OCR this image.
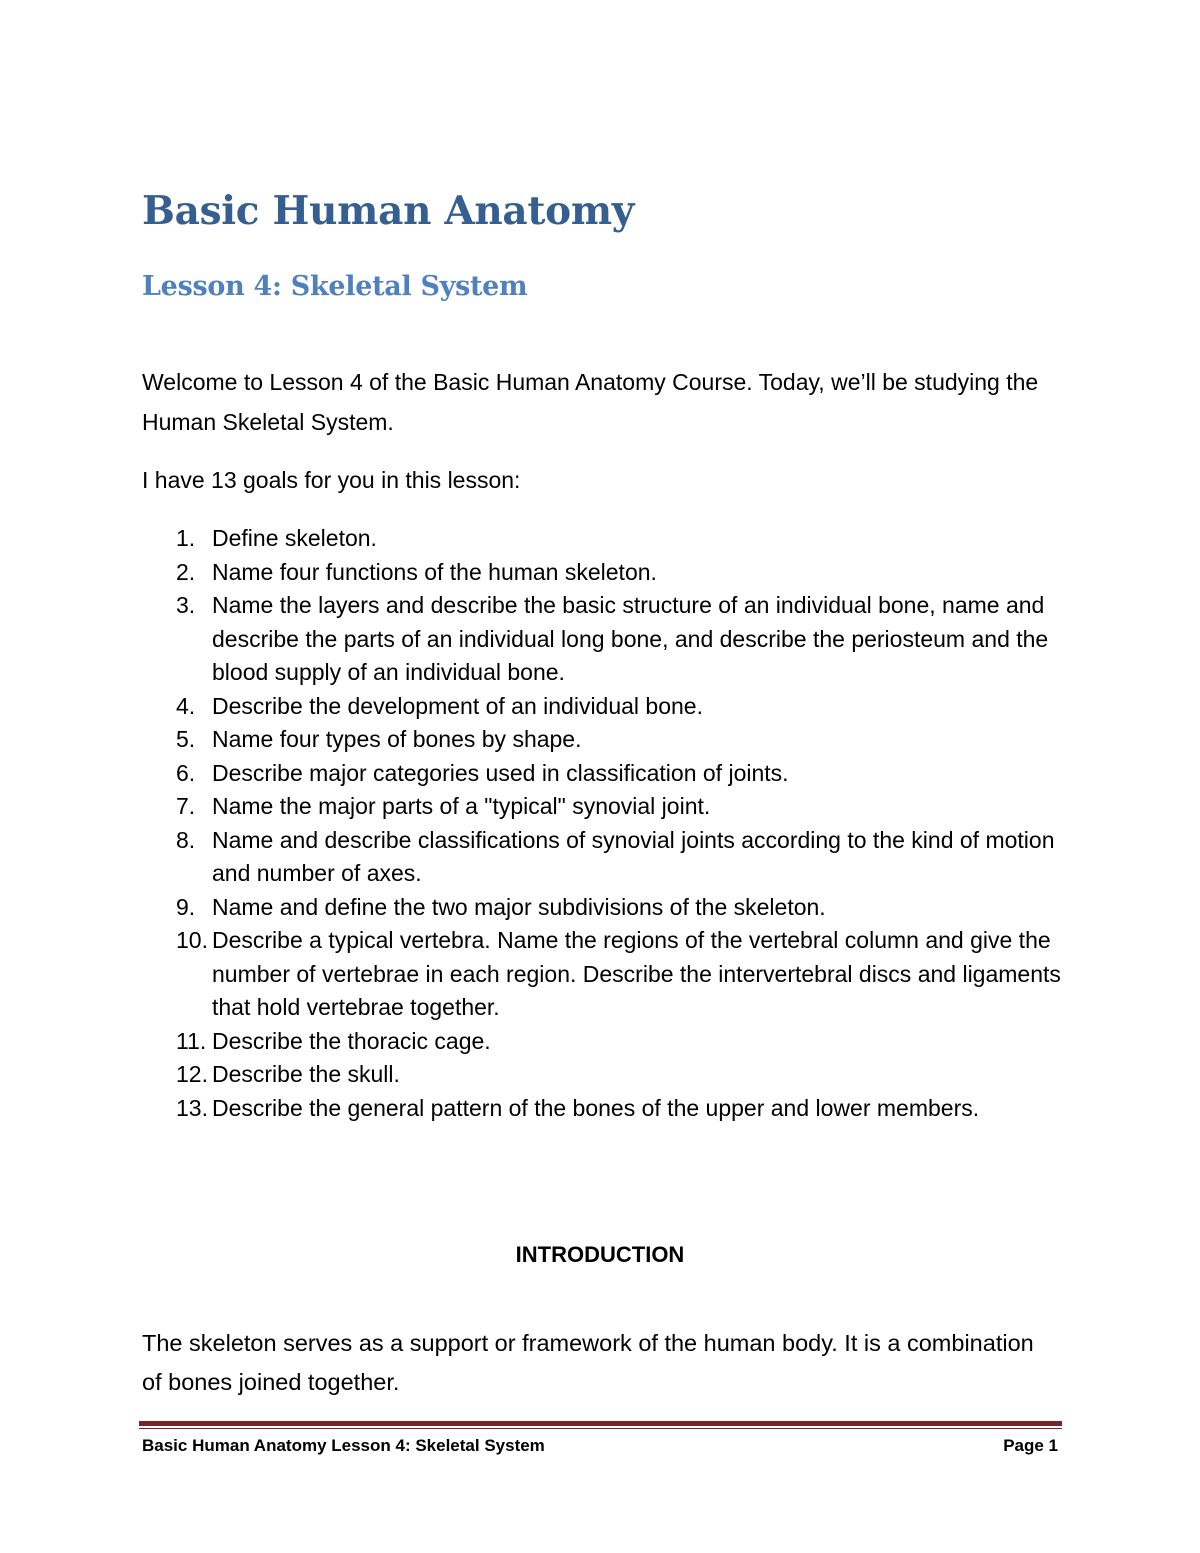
Basic Human Anatomy
Lesson 4: Skeletal System

Welcome to Lesson 4 of the Basic Human Anatomy Course. Today, we’ll be studying the Human Skeletal System.

I have 13 goals for you in this lesson:

1. Define skeleton.
2. Name four functions of the human skeleton.
3. Name the layers and describe the basic structure of an individual bone, name and describe the parts of an individual long bone, and describe the periosteum and the blood supply of an individual bone.
4. Describe the development of an individual bone.
5. Name four types of bones by shape.
6. Describe major categories used in classification of joints.
7. Name the major parts of a "typical" synovial joint.
8. Name and describe classifications of synovial joints according to the kind of motion and number of axes.
9. Name and define the two major subdivisions of the skeleton.
10. Describe a typical vertebra. Name the regions of the vertebral column and give the number of vertebrae in each region. Describe the intervertebral discs and ligaments that hold vertebrae together.
11. Describe the thoracic cage.
12. Describe the skull.
13. Describe the general pattern of the bones of the upper and lower members.
INTRODUCTION

The skeleton serves as a support or framework of the human body. It is a combination of bones joined together.

Basic Human Anatomy Lesson 4: Skeletal System	Page 1
